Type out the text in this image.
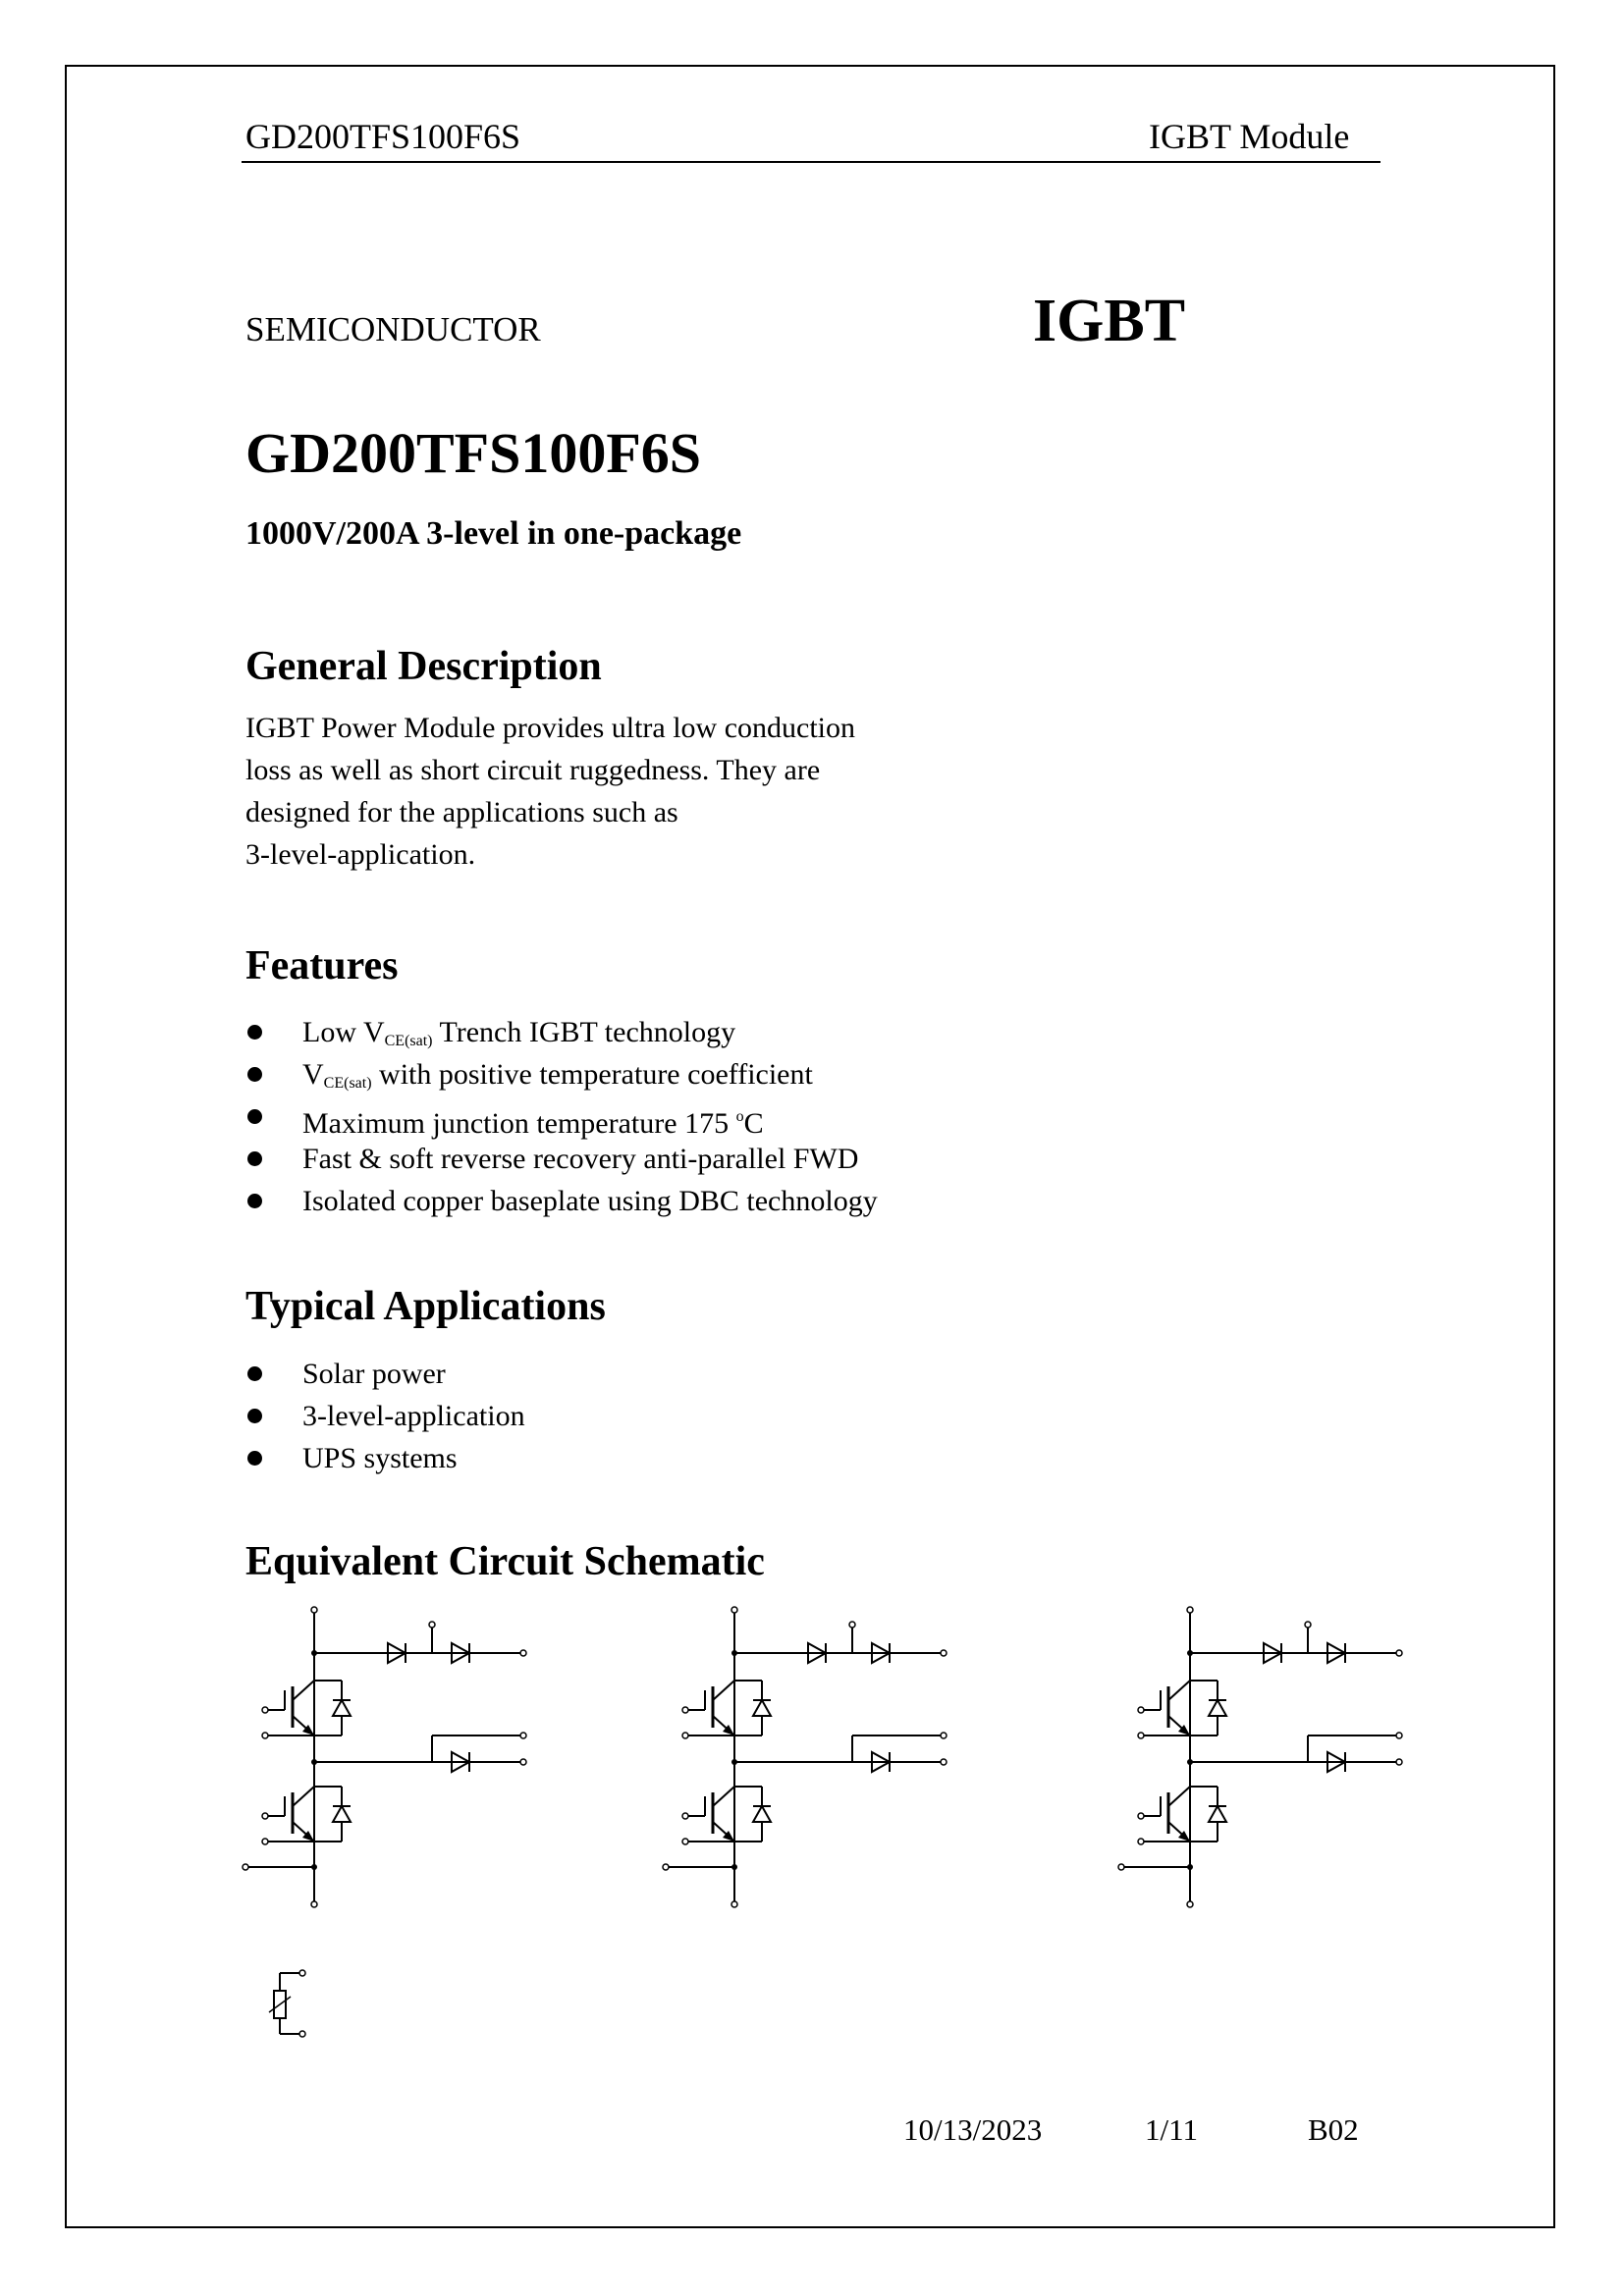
GD200TFS100F6S	IGBT Module
SEMICONDUCTOR	IGBT
GD200TFS100F6S
1000V/200A 3-level in one-package
General Description
IGBT Power Module provides ultra low conduction
loss as well as short circuit ruggedness. They are
designed for the applications such as
3-level-application.
Features
Low $V_{CE(sat)}$ Trench IGBT technology
$V_{CE(sat)}$ with positive temperature coefficient
Maximum junction temperature 175 $^o$C
Fast & soft reverse recovery anti-parallel FWD
Isolated copper baseplate using DBC technology
Typical Applications
Solar power
3-level-application
UPS systems
Equivalent Circuit Schematic
10/13/2023	1/11	B02
